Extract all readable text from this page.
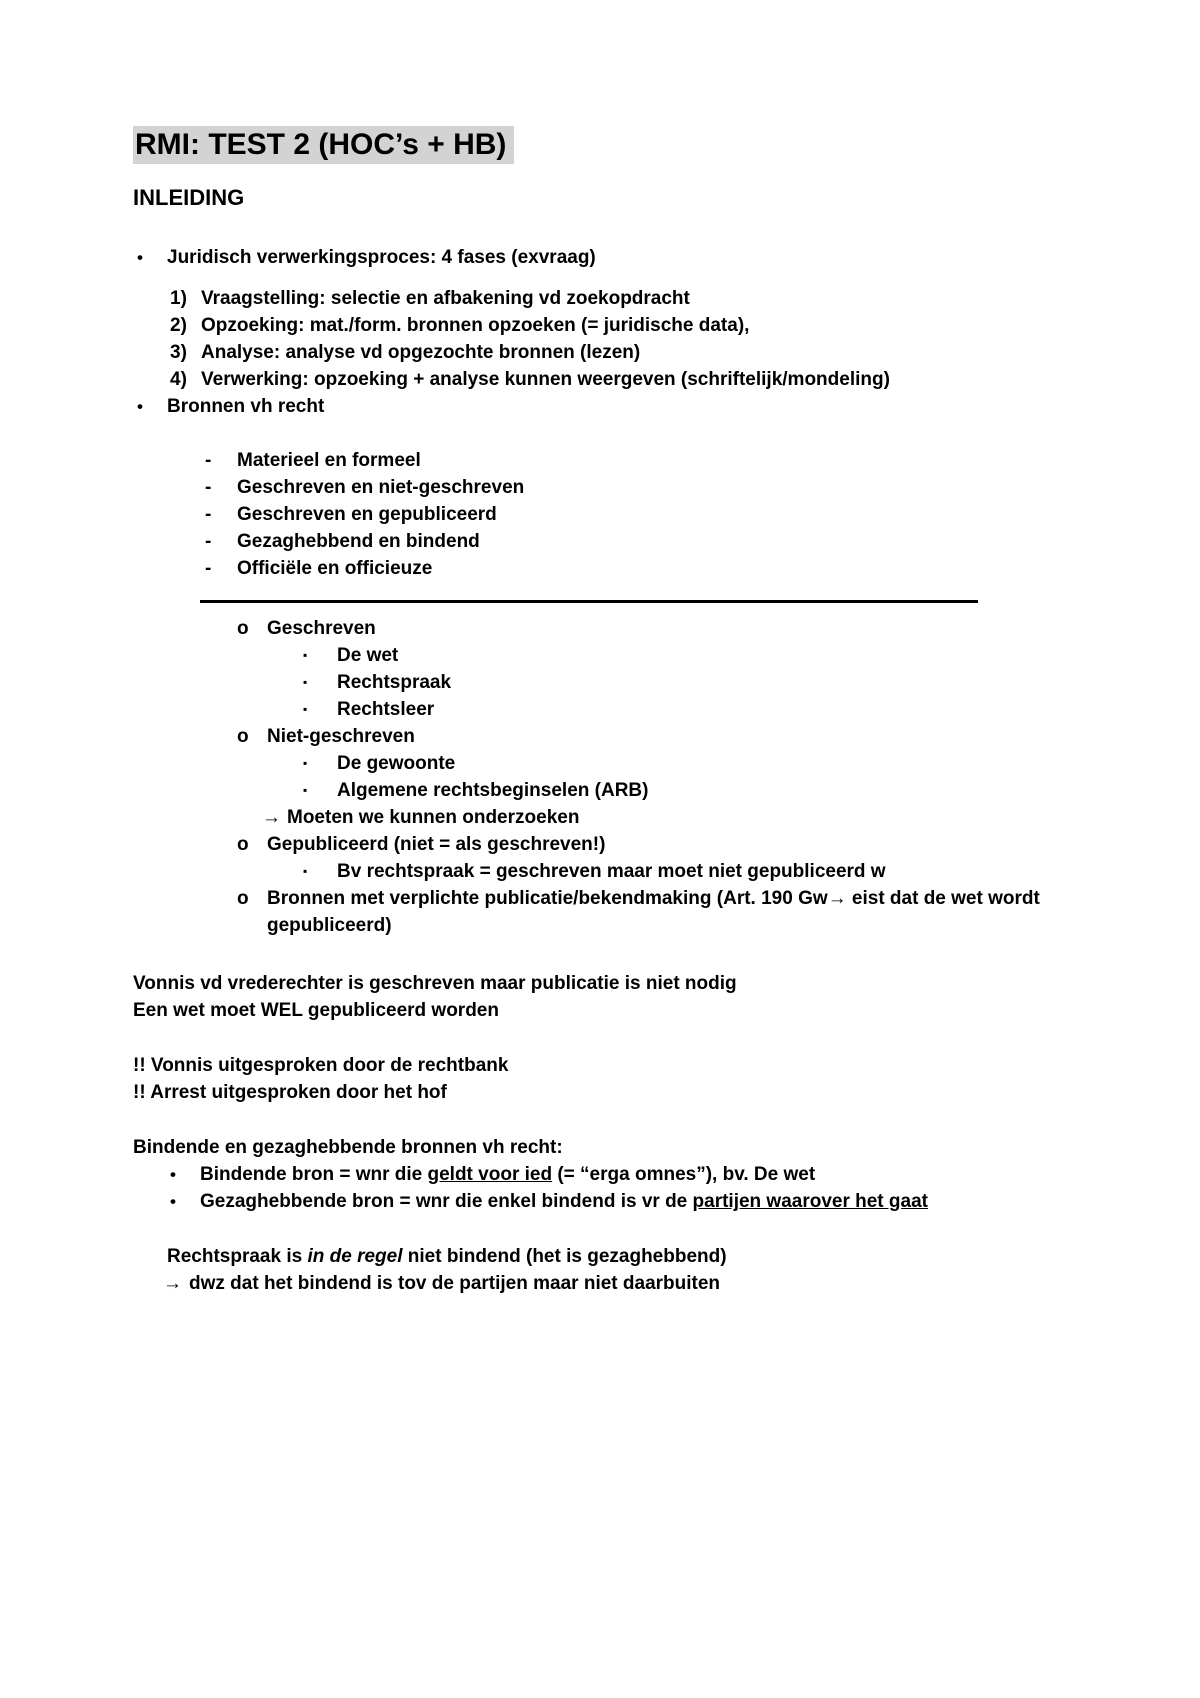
RMI: TEST 2 (HOC’s + HB)

INLEIDING

•	Juridisch verwerkingsproces: 4 fases (exvraag)
1) Vraagstelling: selectie en afbakening vd zoekopdracht
2) Opzoeking: mat./form. bronnen opzoeken (= juridische data),
3) Analyse: analyse vd opgezochte bronnen (lezen)
4) Verwerking: opzoeking + analyse kunnen weergeven (schriftelijk/mondeling)
•	Bronnen vh recht
-	Materieel en formeel
-	Geschreven en niet-geschreven
-	Geschreven en gepubliceerd
-	Gezaghebbend en bindend
-	Officiële en officieuze
o Geschreven
▪	De wet
▪	Rechtspraak
▪	Rechtsleer
o Niet-geschreven
▪	De gewoonte
▪	Algemene rechtsbeginselen (ARB)
→ Moeten we kunnen onderzoeken
o Gepubliceerd (niet = als geschreven!)
▪	Bv rechtspraak = geschreven maar moet niet gepubliceerd w
o Bronnen met verplichte publicatie/bekendmaking (Art. 190 Gw→ eist dat de wet wordt gepubliceerd)
Vonnis vd vrederechter is geschreven maar publicatie is niet nodig
Een wet moet WEL gepubliceerd worden
!! Vonnis uitgesproken door de rechtbank
!! Arrest uitgesproken door het hof
Bindende en gezaghebbende bronnen vh recht:
•	Bindende bron = wnr die geldt voor ied (= “erga omnes”), bv. De wet
•	Gezaghebbende bron = wnr die enkel bindend is vr de partijen waarover het gaat
Rechtspraak is in de regel niet bindend (het is gezaghebbend)
→ dwz dat het bindend is tov de partijen maar niet daarbuiten
